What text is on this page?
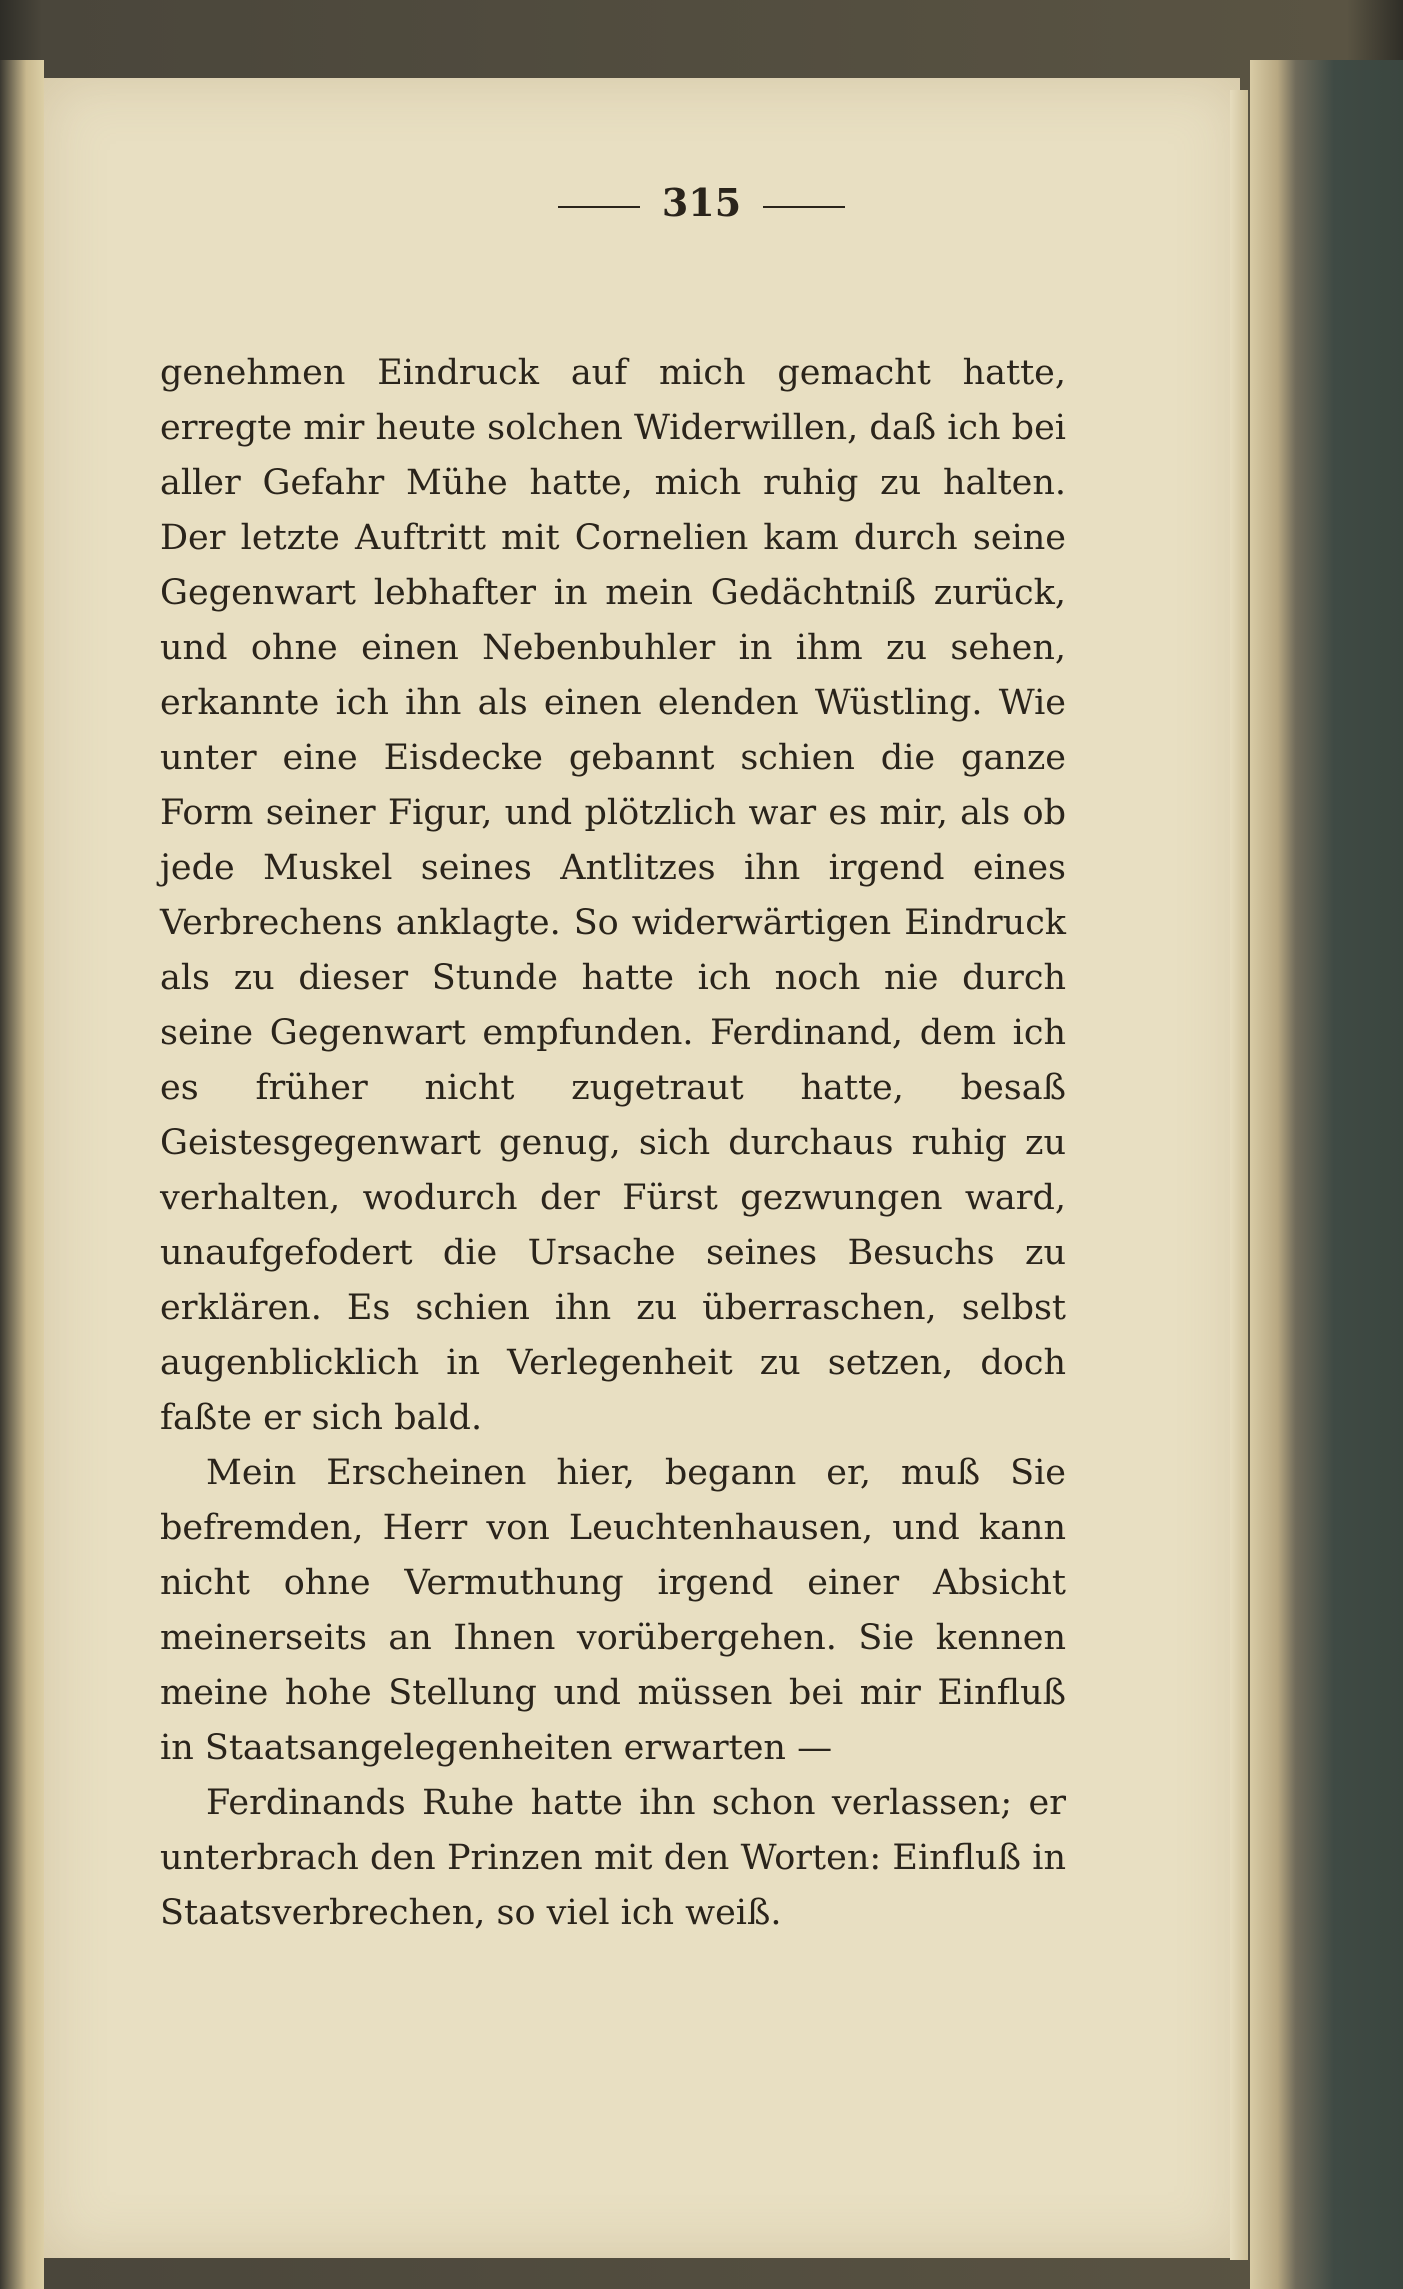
315

genehmen Eindruck auf mich gemacht hatte, erregte mir heute solchen Widerwillen, daß ich bei aller Gefahr Mühe hatte, mich ruhig zu halten. Der letzte Auftritt mit Cornelien kam durch seine Gegenwart lebhafter in mein Gedächtniß zurück, und ohne einen Nebenbuhler in ihm zu sehen, erkannte ich ihn als einen elenden Wüstling. Wie unter eine Eisdecke gebannt schien die ganze Form seiner Figur, und plötzlich war es mir, als ob jede Muskel seines Antlitzes ihn irgend eines Verbrechens anklagte. So widerwärtigen Eindruck als zu dieser Stunde hatte ich noch nie durch seine Gegenwart empfunden. Ferdinand, dem ich es früher nicht zugetraut hatte, besaß Geistesgegenwart genug, sich durchaus ruhig zu verhalten, wodurch der Fürst gezwungen ward, unaufgefodert die Ursache seines Besuchs zu erklären. Es schien ihn zu überraschen, selbst augenblicklich in Verlegenheit zu setzen, doch faßte er sich bald.

Mein Erscheinen hier, begann er, muß Sie befremden, Herr von Leuchtenhausen, und kann nicht ohne Vermuthung irgend einer Absicht meinerseits an Ihnen vorübergehen. Sie kennen meine hohe Stellung und müssen bei mir Einfluß in Staatsangelegenheiten erwarten —

Ferdinands Ruhe hatte ihn schon verlassen; er unterbrach den Prinzen mit den Worten: Einfluß in Staatsverbrechen, so viel ich weiß.
